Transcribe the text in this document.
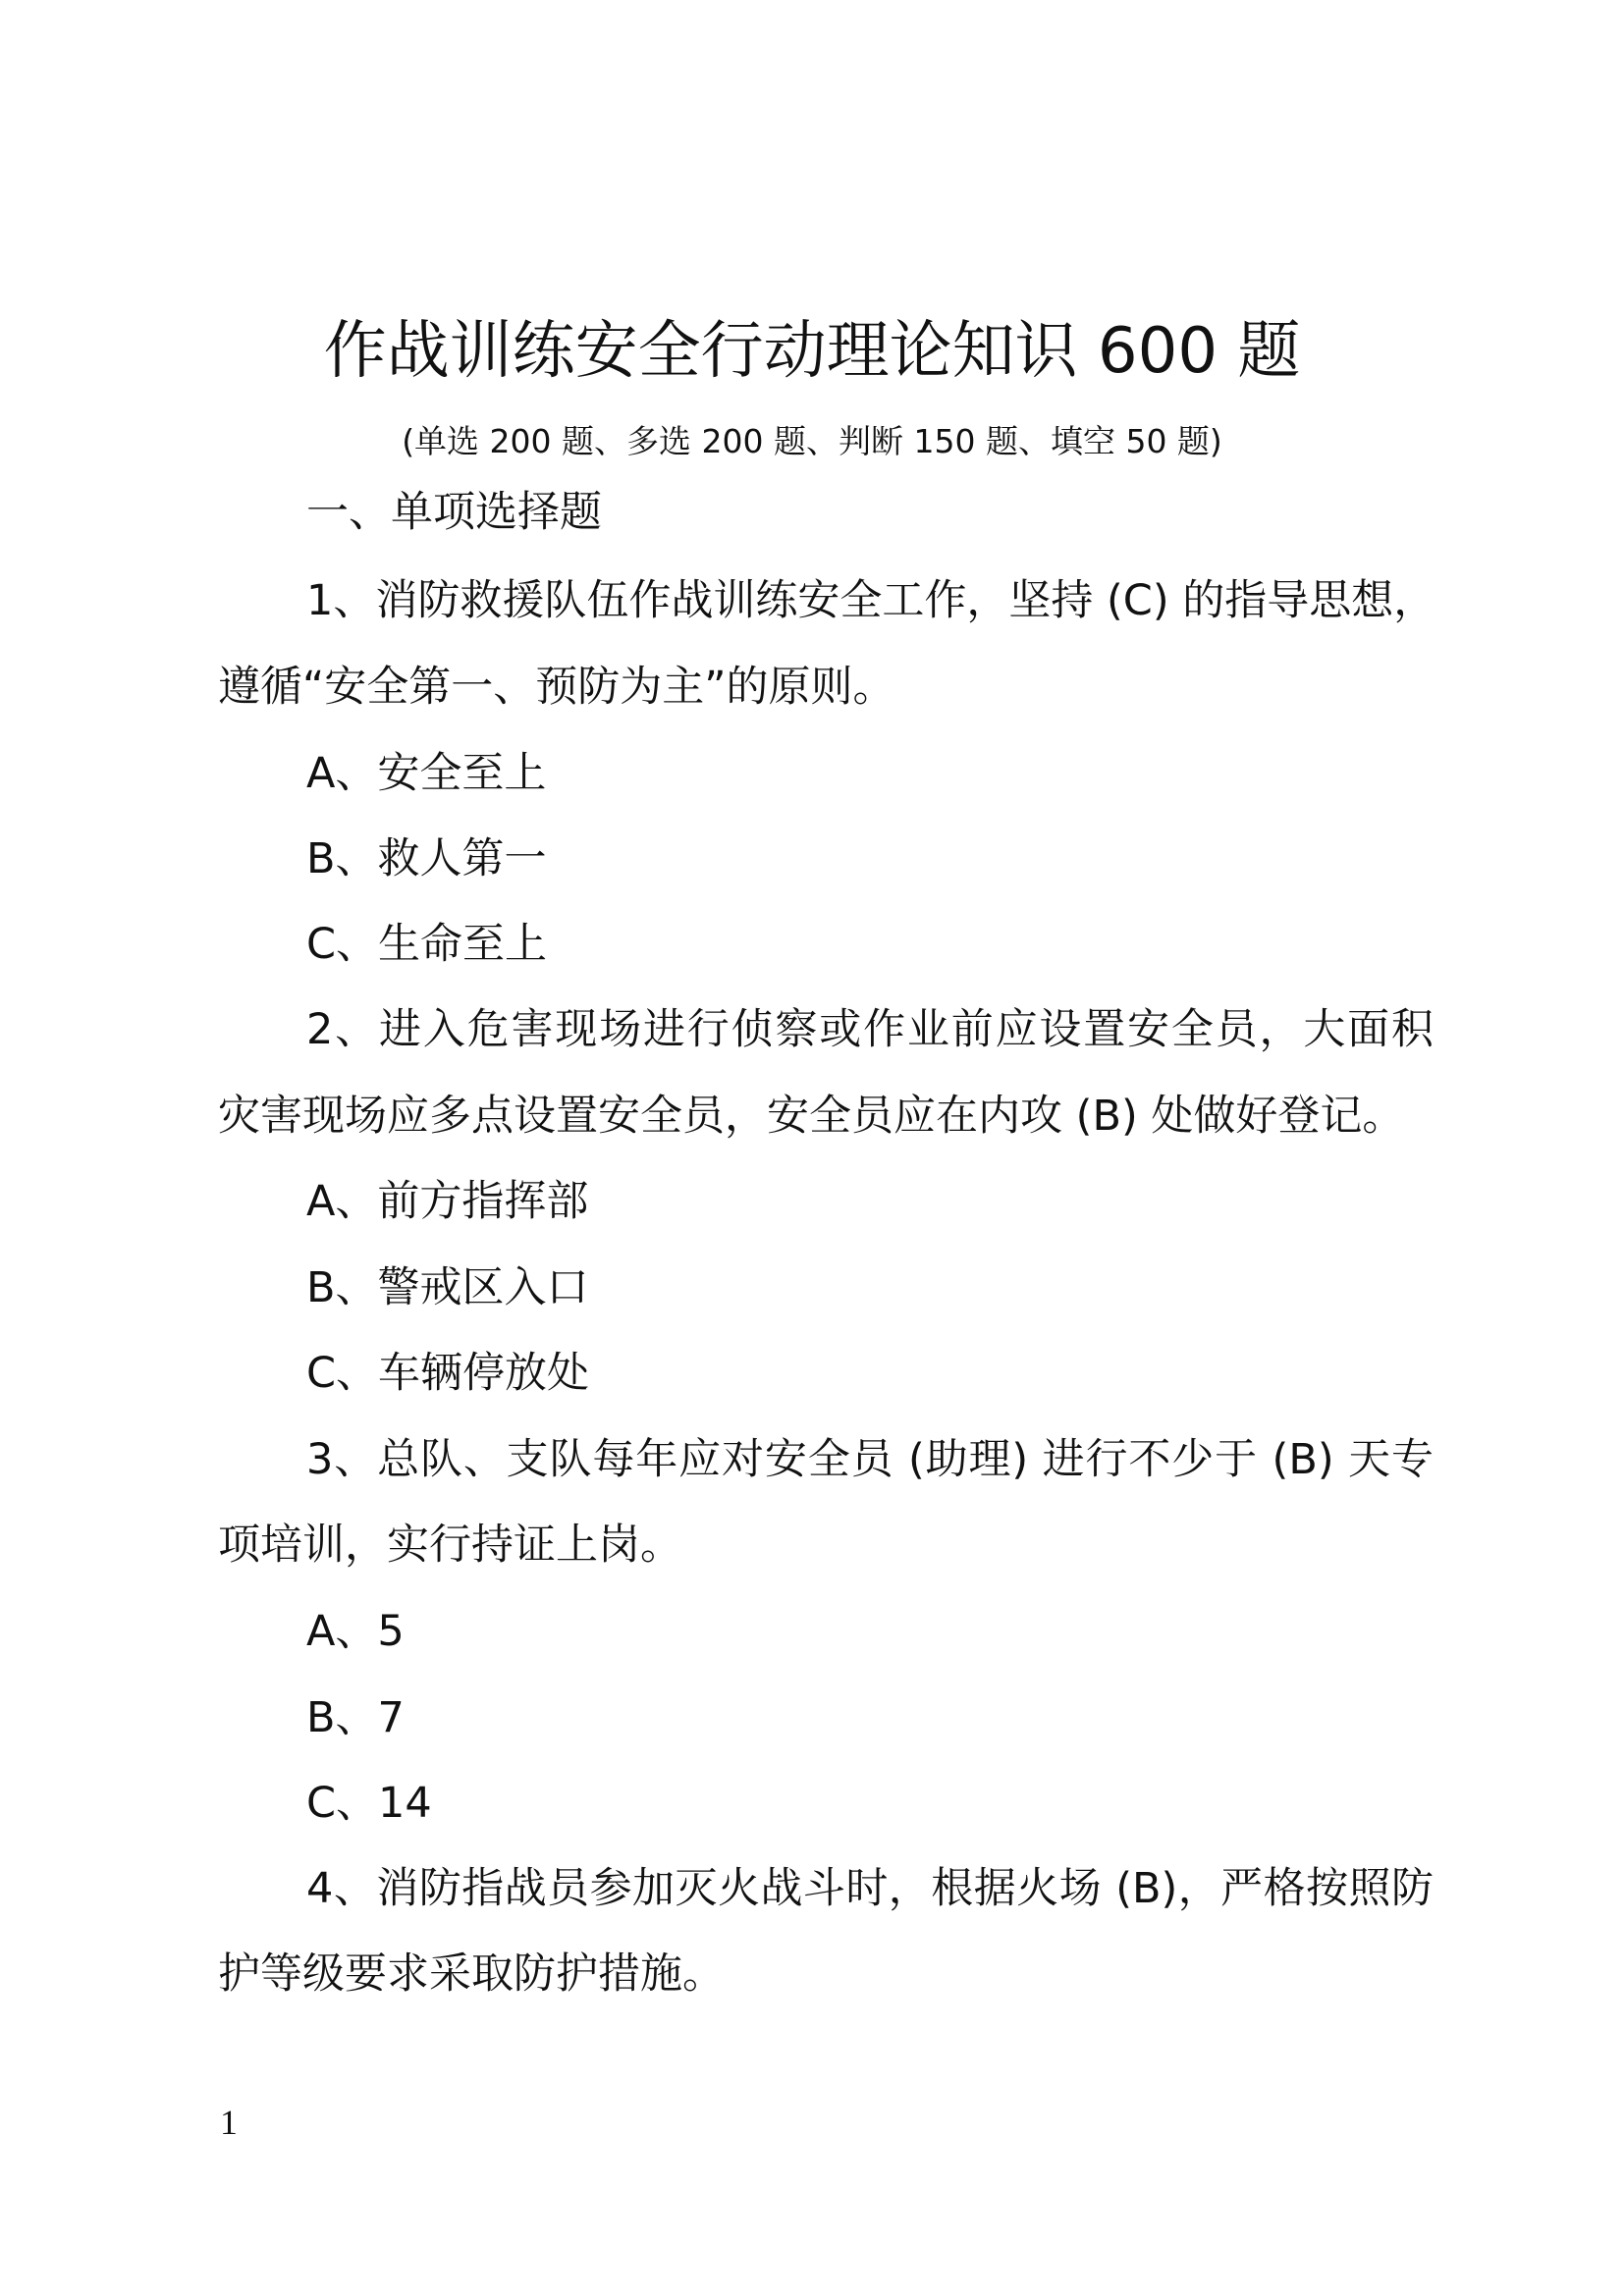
作战训练安全行动理论知识 600 题
(单选 200 题、多选 200 题、判断 150 题、填空 50 题)
一、单项选择题
1、消防救援队伍作战训练安全工作，坚持 (C) 的指导思想，
遵循“安全第一、预防为主”的原则。
A、安全至上
B、救人第一
C、生命至上
2、进入危害现场进行侦察或作业前应设置安全员，大面积
灾害现场应多点设置安全员，安全员应在内攻 (B) 处做好登记。
A、前方指挥部
B、警戒区入口
C、车辆停放处
3、总队、支队每年应对安全员 (助理) 进行不少于 (B) 天专
项培训，实行持证上岗。
A、5
B、7
C、14
4、消防指战员参加灭火战斗时，根据火场 (B)，严格按照防
护等级要求采取防护措施。
1
